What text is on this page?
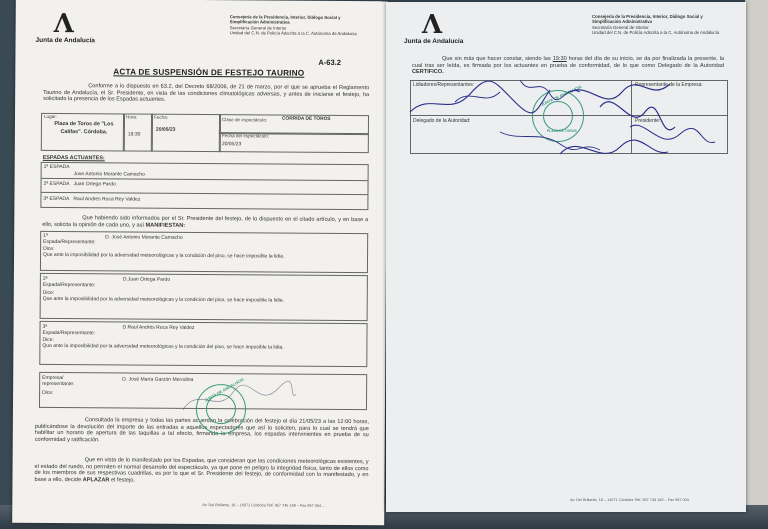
Ʌ
Junta de Andalucía
Consejería de la Presidencia, Interior, Diálogo Social y
Simplificación Administrativa
Secretaría General de Interior
Unidad del C.N. de Policía Adscrita a la C. Autónoma de Andalucía
A-63.2
ACTA DE SUSPENSIÓN DE FESTEJO TAURINO
Conforme a lo dispuesto en 63.2, del Decreto 68/2006, de 21 de marzo, por el que se aprueba el Reglamento Taurino de Andalucía, el Sr. Presidente, en vista de las condiciones climatológicas adversas, y antes de iniciarse el festejo, ha solicitado la presencia de los Espadas actuantes.
Lugar:
Plaza de Toros de "Los Califas". Córdoba.
Hora:
19:30
Fecha:
20/05/23
Clase de espectáculo:	CORRIDA DE TOROS
Fecha del espectáculo:
20/05/23
ESPADAS ACTUANTES:
1ª ESPADA
Jose Antonio Morante Camacho
2ª ESPADA Juan Ortega Pardo
3ª ESPADA Raul Andres Roca Rey Valdez
Que habiendo sido informados por el Sr. Presidente del festejo, de lo dispuesto en el citado artículo, y en base a ello, solicita la opinión de cada uno, y así MANIFIESTAN:
1ª Espada/Representante:
D. José Antonio Morante Camacho
Dice:
Que ante la imposibilidad por la adversidad meteorológicas y la condición del piso, se hace imposible la lidia.
2ª Espada/Representante:
D.Juan Ortega Pardo
Dice:
Que ante la imposibilidad por la adversidad meteorológicas y la condición del piso, se hace imposible la lidia.
3ª Espada/Representante:
D.Raul Andrés Roca Rey Valdez
Dice:
Que ante la imposibilidad por la adversidad meteorológicas y la condición del piso, se hace imposible la lidia.
Empresa/ representante:
D. José María Garzón Merodina
Dice:
Consultada la empresa y todas las partes acuerdan la celebración del festejo el día 21/05/23 a las 12:00 horas, publicándose la devolución del importe de las entradas a aquellos espectadores que así lo soliciten, para lo cual se tendrá que habilitar un horario de apertura de las taquillas a tal efecto, firmando la empresa, los espadas intervinientes en prueba de su conformidad y ratificación.
Que en vista de lo manifestado por los Espadas, que consideran que las condiciones meteorológicas existentes, y el estado del ruedo, no permiten el normal desarrollo del espectáculo, ya que pone en peligro la integridad física, tanto de ellos como de los miembros de sus respectivas cuadrillas, es por lo que el Sr. Presidente del festejo, de conformidad con lo manifestado, y en base a ello, decide APLAZAR el festejo.
Av. Del Brillante, 16 – 14071 Córdoba Telf. 957 745 169 – Fax 957 004 ...
JUNTA DE ANDALUCIA
Ʌ
Junta de Andalucía
Consejería de la Presidencia, Interior, Diálogo Social y
Simplificación Administrativa
Secretaría General de Interior
Unidad del C.N. de Policía Adscrita a la C. Autónoma de Andalucía
Que sin más que hacer constar, siendo las 19:30 horas del día de su inicio, se da por finalizada la presente, la cual tras ser leída, es firmada por los actuantes en prueba de conformidad, de lo que como Delegado de la Autoridad CERTIFICO.
Lidiadores/Representantes:	Representante de la Empresa:
Delegado de la Autoridad:	Presidente:
JUNTA DE ANDALUCIA
PLAZA DE TOROS
Av. Del Brillante, 16 – 14071 Córdoba Telf. 957 745 169 – Fax 957 004
